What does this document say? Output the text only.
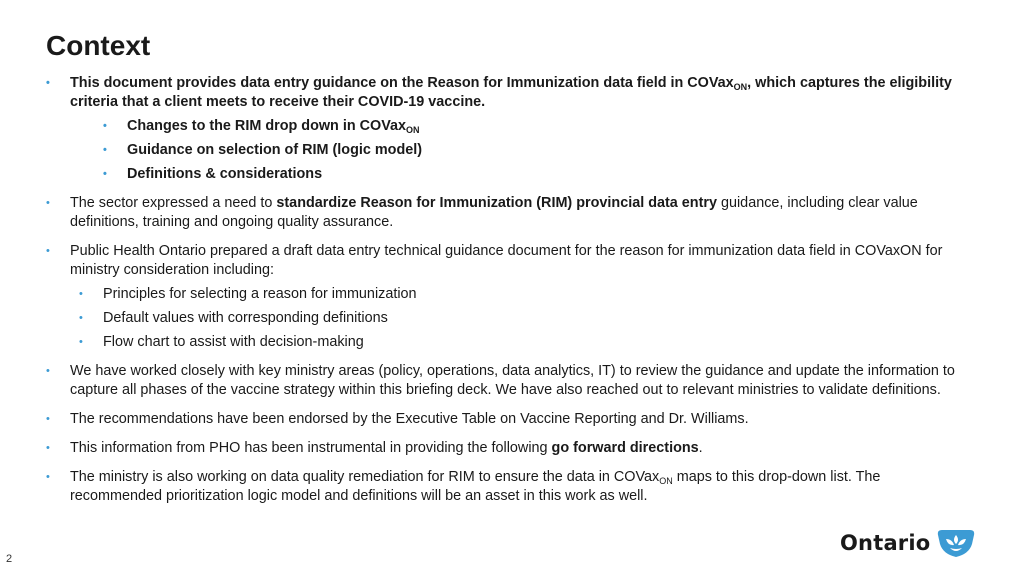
Context
• This document provides data entry guidance on the Reason for Immunization data field in COVax$_{ON}$, which captures the eligibility criteria that a client meets to receive their COVID-19 vaccine.
• Changes to the RIM drop down in COVax$_{ON}$
• Guidance on selection of RIM (logic model)
• Definitions & considerations
• The sector expressed a need to standardize Reason for Immunization (RIM) provincial data entry guidance, including clear value definitions, training and ongoing quality assurance.
• Public Health Ontario prepared a draft data entry technical guidance document for the reason for immunization data field in COVaxON for ministry consideration including:
• Principles for selecting a reason for immunization
• Default values with corresponding definitions
• Flow chart to assist with decision-making
• We have worked closely with key ministry areas (policy, operations, data analytics, IT) to review the guidance and update the information to capture all phases of the vaccine strategy within this briefing deck. We have also reached out to relevant ministries to validate definitions.
• The recommendations have been endorsed by the Executive Table on Vaccine Reporting and Dr. Williams.
• This information from PHO has been instrumental in providing the following go forward directions.
• The ministry is also working on data quality remediation for RIM to ensure the data in COVax$_{ON}$ maps to this drop-down list. The recommended prioritization logic model and definitions will be an asset in this work as well.
2
Ontario
